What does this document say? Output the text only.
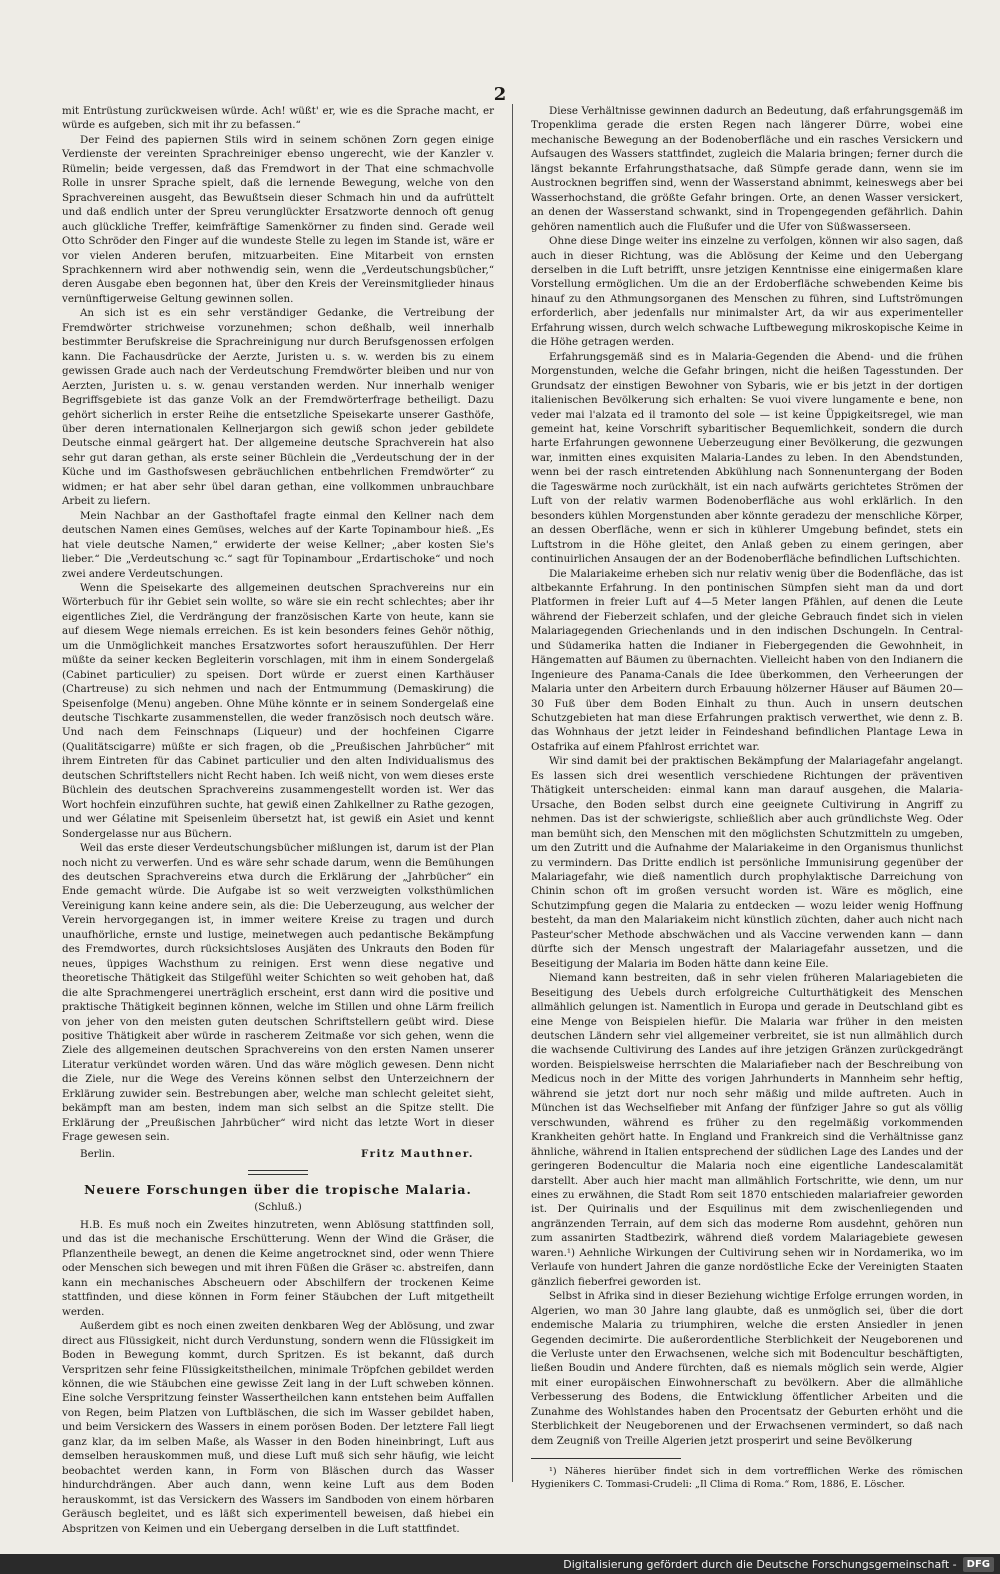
2

mit Entrüstung zurückweisen würde. Ach! wüßt' er, wie es die Sprache macht, er würde es aufgeben, sich mit ihr zu befassen.“

Der Feind des papiernen Stils wird in seinem schönen Zorn gegen einige Verdienste der vereinten Sprachreiniger ebenso ungerecht, wie der Kanzler v. Rümelin; beide vergessen, daß das Fremdwort in der That eine schmachvolle Rolle in unsrer Sprache spielt, daß die lernende Bewegung, welche von den Sprachvereinen ausgeht, das Bewußtsein dieser Schmach hin und da aufrüttelt und daß endlich unter der Spreu verunglückter Ersatzworte dennoch oft genug auch glückliche Treffer, keimfräftige Samenkörner zu finden sind. Gerade weil Otto Schröder den Finger auf die wundeste Stelle zu legen im Stande ist, wäre er vor vielen Anderen berufen, mitzuarbeiten. Eine Mitarbeit von ernsten Sprachkennern wird aber nothwendig sein, wenn die „Verdeutschungsbücher,“ deren Ausgabe eben begonnen hat, über den Kreis der Vereinsmitglieder hinaus vernünftigerweise Geltung gewinnen sollen.

An sich ist es ein sehr verständiger Gedanke, die Vertreibung der Fremdwörter strichweise vorzunehmen; schon deßhalb, weil innerhalb bestimmter Berufskreise die Sprachreinigung nur durch Berufsgenossen erfolgen kann. Die Fachausdrücke der Aerzte, Juristen u. s. w. werden bis zu einem gewissen Grade auch nach der Verdeutschung Fremdwörter bleiben und nur von Aerzten, Juristen u. s. w. genau verstanden werden. Nur innerhalb weniger Begriffsgebiete ist das ganze Volk an der Fremdwörterfrage betheiligt. Dazu gehört sicherlich in erster Reihe die entsetzliche Speisekarte unserer Gasthöfe, über deren internationalen Kellnerjargon sich gewiß schon jeder gebildete Deutsche einmal geärgert hat. Der allgemeine deutsche Sprachverein hat also sehr gut daran gethan, als erste seiner Büchlein die „Verdeutschung der in der Küche und im Gasthofswesen gebräuchlichen entbehrlichen Fremdwörter“ zu widmen; er hat aber sehr übel daran gethan, eine vollkommen unbrauchbare Arbeit zu liefern.

Mein Nachbar an der Gasthoftafel fragte einmal den Kellner nach dem deutschen Namen eines Gemüses, welches auf der Karte Topinambour hieß. „Es hat viele deutsche Namen,“ erwiderte der weise Kellner; „aber kosten Sie's lieber.“ Die „Verdeutschung ꝛc.“ sagt für Topinambour „Erdartischoke“ und noch zwei andere Verdeutschungen.

Wenn die Speisekarte des allgemeinen deutschen Sprachvereins nur ein Wörterbuch für ihr Gebiet sein wollte, so wäre sie ein recht schlechtes; aber ihr eigentliches Ziel, die Verdrängung der französischen Karte von heute, kann sie auf diesem Wege niemals erreichen. Es ist kein besonders feines Gehör nöthig, um die Unmöglichkeit manches Ersatzwortes sofort herauszufühlen. Der Herr müßte da seiner kecken Begleiterin vorschlagen, mit ihm in einem Sondergelaß (Cabinet particulier) zu speisen. Dort würde er zuerst einen Karthäuser (Chartreuse) zu sich nehmen und nach der Entmummung (Demaskirung) die Speisenfolge (Menu) angeben. Ohne Mühe könnte er in seinem Sondergelaß eine deutsche Tischkarte zusammenstellen, die weder französisch noch deutsch wäre. Und nach dem Feinschnaps (Liqueur) und der hochfeinen Cigarre (Qualitätscigarre) müßte er sich fragen, ob die „Preußischen Jahrbücher“ mit ihrem Eintreten für das Cabinet particulier und den alten Individualismus des deutschen Schriftstellers nicht Recht haben. Ich weiß nicht, von wem dieses erste Büchlein des deutschen Sprachvereins zusammengestellt worden ist. Wer das Wort hochfein einzuführen suchte, hat gewiß einen Zahlkellner zu Rathe gezogen, und wer Gélatine mit Speisenleim übersetzt hat, ist gewiß ein Asiet und kennt Sondergelasse nur aus Büchern.

Weil das erste dieser Verdeutschungsbücher mißlungen ist, darum ist der Plan noch nicht zu verwerfen. Und es wäre sehr schade darum, wenn die Bemühungen des deutschen Sprachvereins etwa durch die Erklärung der „Jahrbücher“ ein Ende gemacht würde. Die Aufgabe ist so weit verzweigten volksthümlichen Vereinigung kann keine andere sein, als die: Die Ueberzeugung, aus welcher der Verein hervorgegangen ist, in immer weitere Kreise zu tragen und durch unaufhörliche, ernste und lustige, meinetwegen auch pedantische Bekämpfung des Fremdwortes, durch rücksichtsloses Ausjäten des Unkrauts den Boden für neues, üppiges Wachsthum zu reinigen. Erst wenn diese negative und theoretische Thätigkeit das Stilgefühl weiter Schichten so weit gehoben hat, daß die alte Sprachmengerei unerträglich erscheint, erst dann wird die positive und praktische Thätigkeit beginnen können, welche im Stillen und ohne Lärm freilich von jeher von den meisten guten deutschen Schriftstellern geübt wird. Diese positive Thätigkeit aber würde in rascherem Zeitmaße vor sich gehen, wenn die Ziele des allgemeinen deutschen Sprachvereins von den ersten Namen unserer Literatur verkündet worden wären. Und das wäre möglich gewesen. Denn nicht die Ziele, nur die Wege des Vereins können selbst den Unterzeichnern der Erklärung zuwider sein. Bestrebungen aber, welche man schlecht geleitet sieht, bekämpft man am besten, indem man sich selbst an die Spitze stellt. Die Erklärung der „Preußischen Jahrbücher“ wird nicht das letzte Wort in dieser Frage gewesen sein.

Berlin.	Fritz Mauthner.
Neuere Forschungen über die tropische Malaria.
(Schluß.)

H.B. Es muß noch ein Zweites hinzutreten, wenn Ablösung stattfinden soll, und das ist die mechanische Erschütterung. Wenn der Wind die Gräser, die Pflanzentheile bewegt, an denen die Keime angetrocknet sind, oder wenn Thiere oder Menschen sich bewegen und mit ihren Füßen die Gräser ꝛc. abstreifen, dann kann ein mechanisches Abscheuern oder Abschilfern der trockenen Keime stattfinden, und diese können in Form feiner Stäubchen der Luft mitgetheilt werden.

Außerdem gibt es noch einen zweiten denkbaren Weg der Ablösung, und zwar direct aus Flüssigkeit, nicht durch Verdunstung, sondern wenn die Flüssigkeit im Boden in Bewegung kommt, durch Spritzen. Es ist bekannt, daß durch Verspritzen sehr feine Flüssigkeitstheilchen, minimale Tröpfchen gebildet werden können, die wie Stäubchen eine gewisse Zeit lang in der Luft schweben können. Eine solche Verspritzung feinster Wassertheilchen kann entstehen beim Auffallen von Regen, beim Platzen von Luftbläschen, die sich im Wasser gebildet haben, und beim Versickern des Wassers in einem porösen Boden. Der letztere Fall liegt ganz klar, da im selben Maße, als Wasser in den Boden hineinbringt, Luft aus demselben herauskommen muß, und diese Luft muß sich sehr häufig, wie leicht beobachtet werden kann, in Form von Bläschen durch das Wasser hindurchdrängen. Aber auch dann, wenn keine Luft aus dem Boden herauskommt, ist das Versickern des Wassers im Sandboden von einem hörbaren Geräusch begleitet, und es läßt sich experimentell beweisen, daß hiebei ein Abspritzen von Keimen und ein Uebergang derselben in die Luft stattfindet.

Diese Verhältnisse gewinnen dadurch an Bedeutung, daß erfahrungsgemäß im Tropenklima gerade die ersten Regen nach längerer Dürre, wobei eine mechanische Bewegung an der Bodenoberfläche und ein rasches Versickern und Aufsaugen des Wassers stattfindet, zugleich die Malaria bringen; ferner durch die längst bekannte Erfahrungsthatsache, daß Sümpfe gerade dann, wenn sie im Austrocknen begriffen sind, wenn der Wasserstand abnimmt, keineswegs aber bei Wasserhochstand, die größte Gefahr bringen. Orte, an denen Wasser versickert, an denen der Wasserstand schwankt, sind in Tropengegenden gefährlich. Dahin gehören namentlich auch die Flußufer und die Ufer von Süßwasserseen.

Ohne diese Dinge weiter ins einzelne zu verfolgen, können wir also sagen, daß auch in dieser Richtung, was die Ablösung der Keime und den Uebergang derselben in die Luft betrifft, unsre jetzigen Kenntnisse eine einigermaßen klare Vorstellung ermöglichen. Um die an der Erdoberfläche schwebenden Keime bis hinauf zu den Athmungsorganen des Menschen zu führen, sind Luftströmungen erforderlich, aber jedenfalls nur minimalster Art, da wir aus experimenteller Erfahrung wissen, durch welch schwache Luftbewegung mikroskopische Keime in die Höhe getragen werden.

Erfahrungsgemäß sind es in Malaria-Gegenden die Abend- und die frühen Morgenstunden, welche die Gefahr bringen, nicht die heißen Tagesstunden. Der Grundsatz der einstigen Bewohner von Sybaris, wie er bis jetzt in der dortigen italienischen Bevölkerung sich erhalten: Se vuoi vivere lungamente e bene, non veder mai l'alzata ed il tramonto del sole — ist keine Üppigkeitsregel, wie man gemeint hat, keine Vorschrift sybaritischer Bequemlichkeit, sondern die durch harte Erfahrungen gewonnene Ueberzeugung einer Bevölkerung, die gezwungen war, inmitten eines exquisiten Malaria-Landes zu leben. In den Abendstunden, wenn bei der rasch eintretenden Abkühlung nach Sonnenuntergang der Boden die Tageswärme noch zurückhält, ist ein nach aufwärts gerichtetes Strömen der Luft von der relativ warmen Bodenoberfläche aus wohl erklärlich. In den besonders kühlen Morgenstunden aber könnte geradezu der menschliche Körper, an dessen Oberfläche, wenn er sich in kühlerer Umgebung befindet, stets ein Luftstrom in die Höhe gleitet, den Anlaß geben zu einem geringen, aber continuirlichen Ansaugen der an der Bodenoberfläche befindlichen Luftschichten.

Die Malariakeime erheben sich nur relativ wenig über die Bodenfläche, das ist altbekannte Erfahrung. In den pontinischen Sümpfen sieht man da und dort Platformen in freier Luft auf 4—5 Meter langen Pfählen, auf denen die Leute während der Fieberzeit schlafen, und der gleiche Gebrauch findet sich in vielen Malariagegenden Griechenlands und in den indischen Dschungeln. In Central- und Südamerika hatten die Indianer in Fiebergegenden die Gewohnheit, in Hängematten auf Bäumen zu übernachten. Vielleicht haben von den Indianern die Ingenieure des Panama-Canals die Idee überkommen, den Verheerungen der Malaria unter den Arbeitern durch Erbauung hölzerner Häuser auf Bäumen 20—30 Fuß über dem Boden Einhalt zu thun. Auch in unsern deutschen Schutzgebieten hat man diese Erfahrungen praktisch verwerthet, wie denn z. B. das Wohnhaus der jetzt leider in Feindeshand befindlichen Plantage Lewa in Ostafrika auf einem Pfahlrost errichtet war.

Wir sind damit bei der praktischen Bekämpfung der Malariagefahr angelangt. Es lassen sich drei wesentlich verschiedene Richtungen der präventiven Thätigkeit unterscheiden: einmal kann man darauf ausgehen, die Malaria-Ursache, den Boden selbst durch eine geeignete Cultivirung in Angriff zu nehmen. Das ist der schwierigste, schließlich aber auch gründlichste Weg. Oder man bemüht sich, den Menschen mit den möglichsten Schutzmitteln zu umgeben, um den Zutritt und die Aufnahme der Malariakeime in den Organismus thunlichst zu vermindern. Das Dritte endlich ist persönliche Immunisirung gegenüber der Malariagefahr, wie dieß namentlich durch prophylaktische Darreichung von Chinin schon oft im großen versucht worden ist. Wäre es möglich, eine Schutzimpfung gegen die Malaria zu entdecken — wozu leider wenig Hoffnung besteht, da man den Malariakeim nicht künstlich züchten, daher auch nicht nach Pasteur'scher Methode abschwächen und als Vaccine verwenden kann — dann dürfte sich der Mensch ungestraft der Malariagefahr aussetzen, und die Beseitigung der Malaria im Boden hätte dann keine Eile.

Niemand kann bestreiten, daß in sehr vielen früheren Malariagebieten die Beseitigung des Uebels durch erfolgreiche Culturthätigkeit des Menschen allmählich gelungen ist. Namentlich in Europa und gerade in Deutschland gibt es eine Menge von Beispielen hiefür. Die Malaria war früher in den meisten deutschen Ländern sehr viel allgemeiner verbreitet, sie ist nun allmählich durch die wachsende Cultivirung des Landes auf ihre jetzigen Gränzen zurückgedrängt worden. Beispielsweise herrschten die Malariafieber nach der Beschreibung von Medicus noch in der Mitte des vorigen Jahrhunderts in Mannheim sehr heftig, während sie jetzt dort nur noch sehr mäßig und milde auftreten. Auch in München ist das Wechselfieber mit Anfang der fünfziger Jahre so gut als völlig verschwunden, während es früher zu den regelmäßig vorkommenden Krankheiten gehört hatte. In England und Frankreich sind die Verhältnisse ganz ähnliche, während in Italien entsprechend der südlichen Lage des Landes und der geringeren Bodencultur die Malaria noch eine eigentliche Landescalamität darstellt. Aber auch hier macht man allmählich Fortschritte, wie denn, um nur eines zu erwähnen, die Stadt Rom seit 1870 entschieden malariafreier geworden ist. Der Quirinalis und der Esquilinus mit dem zwischenliegenden und angränzenden Terrain, auf dem sich das moderne Rom ausdehnt, gehören nun zum assanirten Stadtbezirk, während dieß vordem Malariagebiete gewesen waren.¹) Aehnliche Wirkungen der Cultivirung sehen wir in Nordamerika, wo im Verlaufe von hundert Jahren die ganze nordöstliche Ecke der Vereinigten Staaten gänzlich fieberfrei geworden ist.

Selbst in Afrika sind in dieser Beziehung wichtige Erfolge errungen worden, in Algerien, wo man 30 Jahre lang glaubte, daß es unmöglich sei, über die dort endemische Malaria zu triumphiren, welche die ersten Ansiedler in jenen Gegenden decimirte. Die außerordentliche Sterblichkeit der Neugeborenen und die Verluste unter den Erwachsenen, welche sich mit Bodencultur beschäftigten, ließen Boudin und Andere fürchten, daß es niemals möglich sein werde, Algier mit einer europäischen Einwohnerschaft zu bevölkern. Aber die allmähliche Verbesserung des Bodens, die Entwicklung öffentlicher Arbeiten und die Zunahme des Wohlstandes haben den Procentsatz der Geburten erhöht und die Sterblichkeit der Neugeborenen und der Erwachsenen vermindert, so daß nach dem Zeugniß von Treille Algerien jetzt prosperirt und seine Bevölkerung

¹) Näheres hierüber findet sich in dem vortrefflichen Werke des römischen Hygienikers C. Tommasi-Crudeli: „Il Clima di Roma.“ Rom, 1886, E. Löscher.

Digitalisierung gefördert durch die Deutsche Forschungsgemeinschaft -	DFG
